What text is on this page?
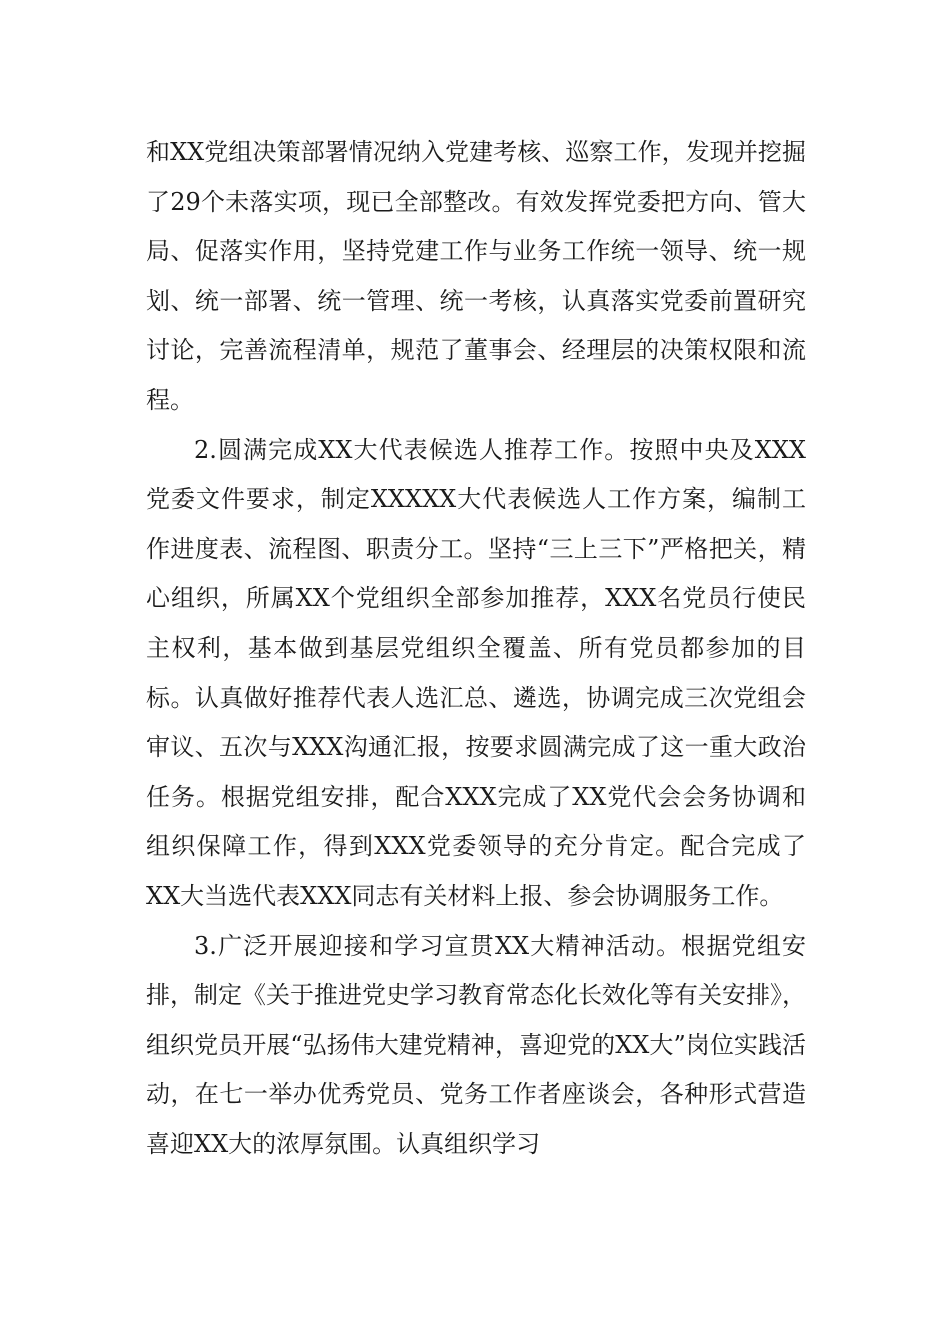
和XX党组决策部署情况纳入党建考核、巡察工作，发现并挖掘了29个未落实项，现已全部整改。有效发挥党委把方向、管大局、促落实作用，坚持党建工作与业务工作统一领导、统一规划、统一部署、统一管理、统一考核，认真落实党委前置研究讨论，完善流程清单，规范了董事会、经理层的决策权限和流程。

2.圆满完成XX大代表候选人推荐工作。按照中央及XXX党委文件要求，制定XXXXX大代表候选人工作方案，编制工作进度表、流程图、职责分工。坚持“三上三下”严格把关，精心组织，所属XX个党组织全部参加推荐，XXX名党员行使民主权利，基本做到基层党组织全覆盖、所有党员都参加的目标。认真做好推荐代表人选汇总、遴选，协调完成三次党组会审议、五次与XXX沟通汇报，按要求圆满完成了这一重大政治任务。根据党组安排，配合XXX完成了XX党代会会务协调和组织保障工作，得到XXX党委领导的充分肯定。配合完成了XX大当选代表XXX同志有关材料上报、参会协调服务工作。

3.广泛开展迎接和学习宣贯XX大精神活动。根据党组安排，制定《关于推进党史学习教育常态化长效化等有关安排》，组织党员开展“弘扬伟大建党精神，喜迎党的XX大”岗位实践活动，在七一举办优秀党员、党务工作者座谈会，各种形式营造喜迎XX大的浓厚氛围。认真组织学习
